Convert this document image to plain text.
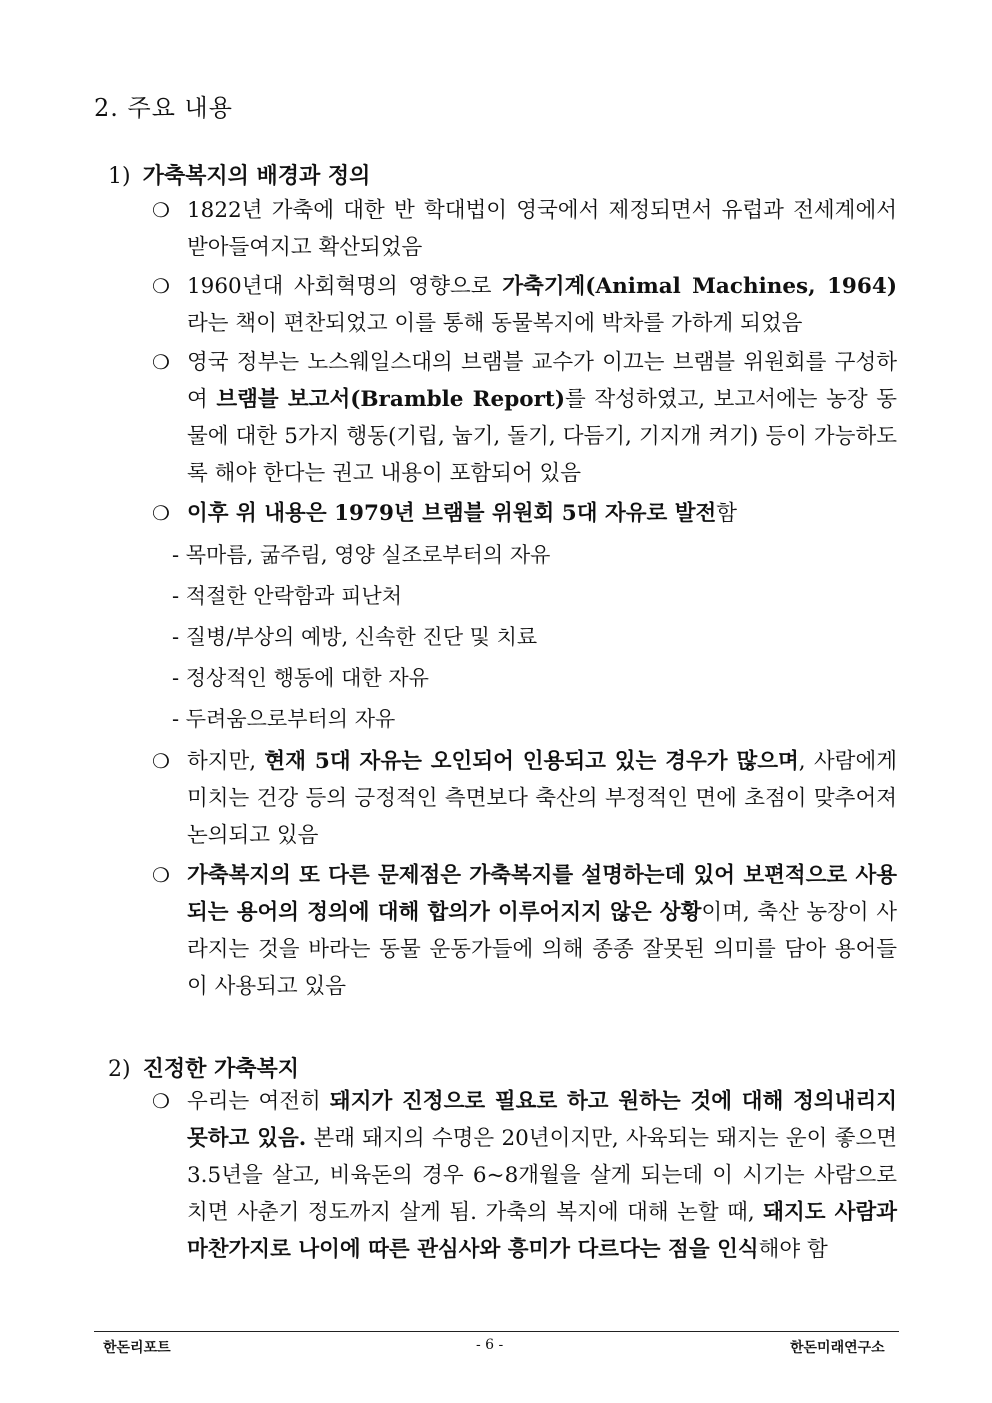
2. 주요 내용
1) 가축복지의 배경과 정의
❍ 1822년 가축에 대한 반 학대법이 영국에서 제정되면서 유럽과 전세계에서 받아들여지고 확산되었음
❍ 1960년대 사회혁명의 영향으로 가축기계(Animal Machines, 1964)라는 책이 편찬되었고 이를 통해 동물복지에 박차를 가하게 되었음
❍ 영국 정부는 노스웨일스대의 브램블 교수가 이끄는 브램블 위원회를 구성하여 브램블 보고서(Bramble Report)를 작성하였고, 보고서에는 농장 동물에 대한 5가지 행동(기립, 눕기, 돌기, 다듬기, 기지개 켜기) 등이 가능하도록 해야 한다는 권고 내용이 포함되어 있음
❍ 이후 위 내용은 1979년 브램블 위원회 5대 자유로 발전함
- 목마름, 굶주림, 영양 실조로부터의 자유
- 적절한 안락함과 피난처
- 질병/부상의 예방, 신속한 진단 및 치료
- 정상적인 행동에 대한 자유
- 두려움으로부터의 자유
❍ 하지만, 현재 5대 자유는 오인되어 인용되고 있는 경우가 많으며, 사람에게 미치는 건강 등의 긍정적인 측면보다 축산의 부정적인 면에 초점이 맞추어져 논의되고 있음
❍ 가축복지의 또 다른 문제점은 가축복지를 설명하는데 있어 보편적으로 사용되는 용어의 정의에 대해 합의가 이루어지지 않은 상황이며, 축산 농장이 사라지는 것을 바라는 동물 운동가들에 의해 종종 잘못된 의미를 담아 용어들이 사용되고 있음
2) 진정한 가축복지
❍ 우리는 여전히 돼지가 진정으로 필요로 하고 원하는 것에 대해 정의내리지 못하고 있음. 본래 돼지의 수명은 20년이지만, 사육되는 돼지는 운이 좋으면 3.5년을 살고, 비육돈의 경우 6~8개월을 살게 되는데 이 시기는 사람으로 치면 사춘기 정도까지 살게 됨. 가축의 복지에 대해 논할 때, 돼지도 사람과 마찬가지로 나이에 따른 관심사와 흥미가 다르다는 점을 인식해야 함
한돈리포트	- 6 -	한돈미래연구소
